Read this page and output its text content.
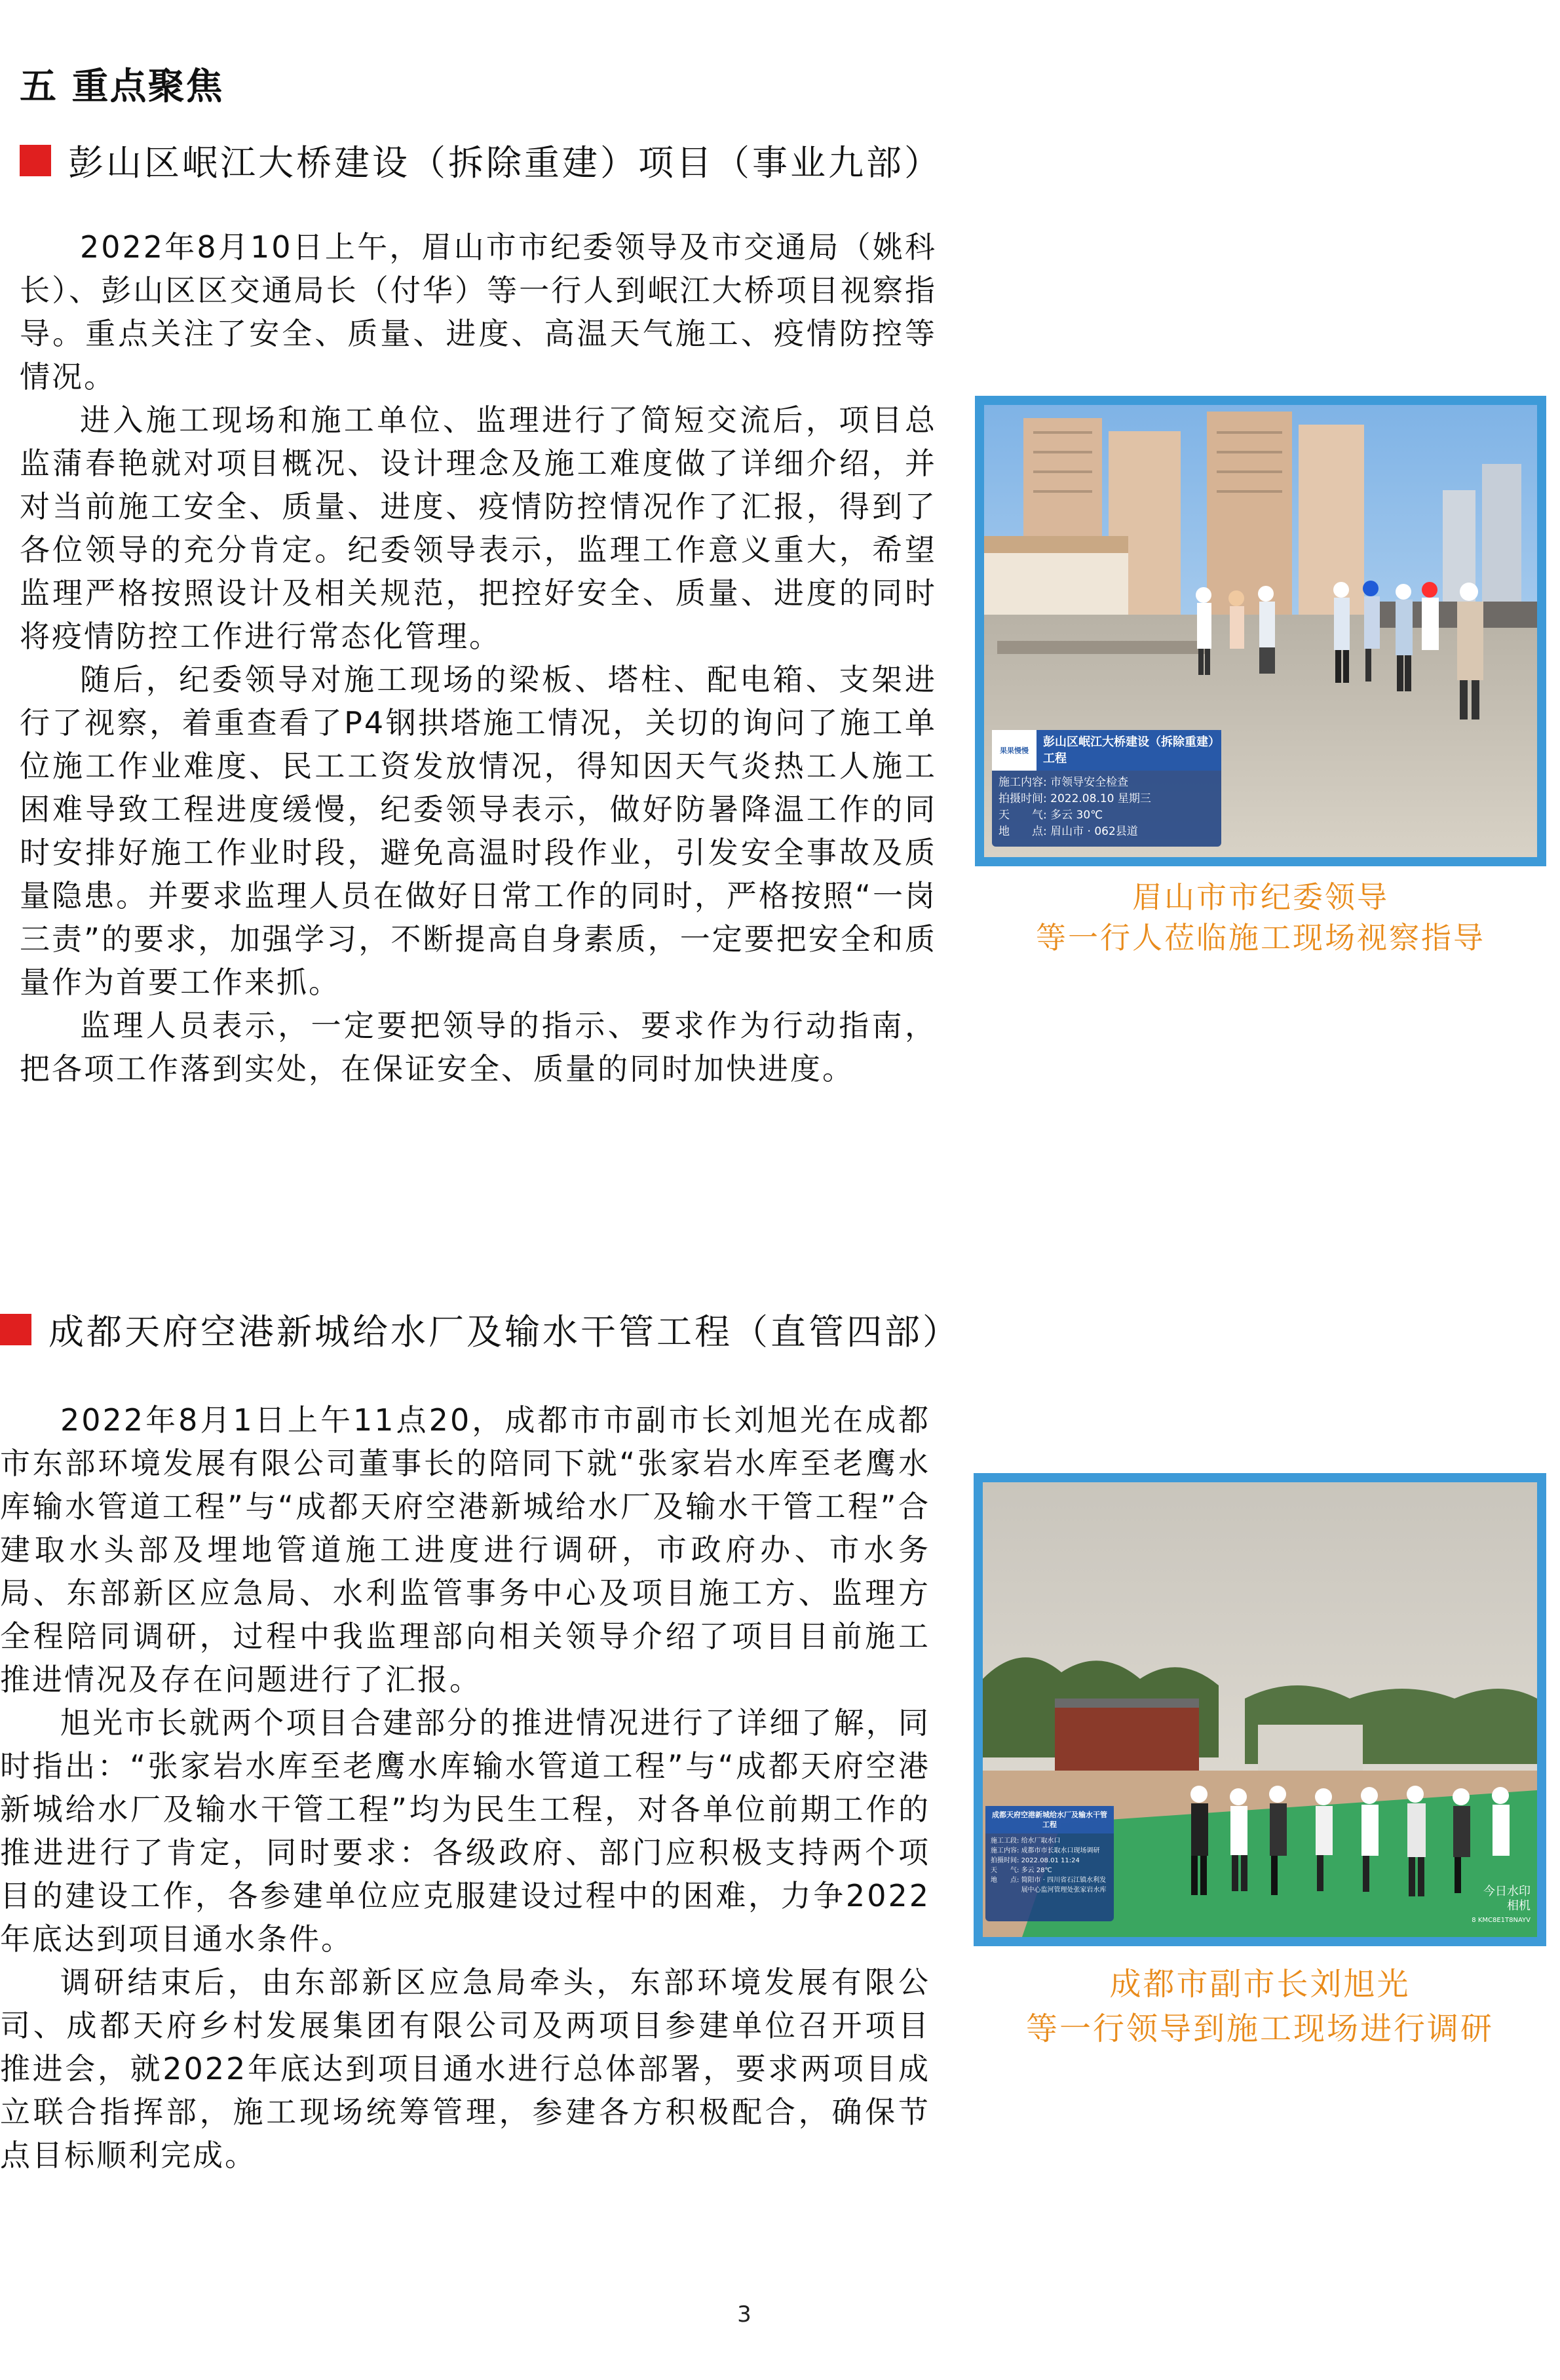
五 重点聚焦
彭山区岷江大桥建设（拆除重建）项目（事业九部）

2022年8月10日上午，眉山市市纪委领导及市交通局（姚科长）、彭山区区交通局长（付华）等一行人到岷江大桥项目视察指导。重点关注了安全、质量、进度、高温天气施工、疫情防控等情况。

进入施工现场和施工单位、监理进行了简短交流后，项目总监蒲春艳就对项目概况、设计理念及施工难度做了详细介绍，并对当前施工安全、质量、进度、疫情防控情况作了汇报，得到了各位领导的充分肯定。纪委领导表示，监理工作意义重大，希望监理严格按照设计及相关规范，把控好安全、质量、进度的同时将疫情防控工作进行常态化管理。

随后，纪委领导对施工现场的梁板、塔柱、配电箱、支架进行了视察，着重查看了P4钢拱塔施工情况，关切的询问了施工单位施工作业难度、民工工资发放情况，得知因天气炎热工人施工困难导致工程进度缓慢，纪委领导表示，做好防暑降温工作的同时安排好施工作业时段，避免高温时段作业，引发安全事故及质量隐患。并要求监理人员在做好日常工作的同时，严格按照“一岗三责”的要求，加强学习，不断提高自身素质，一定要把安全和质量作为首要工作来抓。

监理人员表示，一定要把领导的指示、要求作为行动指南，把各项工作落到实处，在保证安全、质量的同时加快进度。

果果慢慢
彭山区岷江大桥建设（拆除重建）工程
施工内容:
市领导安全检查
拍摄时间:
2022.08.10 星期三
天　　气:
多云 30℃
地　　点:
眉山市 · 062县道
眉山市市纪委领导
等一行人莅临施工现场视察指导
成都天府空港新城给水厂及输水干管工程（直管四部）

2022年8月1日上午11点20，成都市市副市长刘旭光在成都市东部环境发展有限公司董事长的陪同下就“张家岩水库至老鹰水库输水管道工程”与“成都天府空港新城给水厂及输水干管工程”合建取水头部及埋地管道施工进度进行调研，市政府办、市水务局、东部新区应急局、水利监管事务中心及项目施工方、监理方全程陪同调研，过程中我监理部向相关领导介绍了项目目前施工推进情况及存在问题进行了汇报。

旭光市长就两个项目合建部分的推进情况进行了详细了解，同时指出：“张家岩水库至老鹰水库输水管道工程”与“成都天府空港新城给水厂及输水干管工程”均为民生工程，对各单位前期工作的推进进行了肯定，同时要求：各级政府、部门应积极支持两个项目的建设工作，各参建单位应克服建设过程中的困难，力争2022年底达到项目通水条件。

调研结束后，由东部新区应急局牵头，东部环境发展有限公司、成都天府乡村发展集团有限公司及两项目参建单位召开项目推进会，就2022年底达到项目通水进行总体部署，要求两项目成立联合指挥部，施工现场统筹管理，参建各方积极配合，确保节点目标顺利完成。

成都天府空港新城给水厂及输水干管工程
施工工段:
给水厂取水口
施工内容:
成都市市长取水口现场调研
拍摄时间:
2022.08.01 11:24
天　　气:
多云 28℃
地　　点:
简阳市 · 四川省石江镇水利发展中心监河管理处张家岩水库	今日水印
相机
8 KMC8E1T8NAYV
成都市副市长刘旭光
等一行领导到施工现场进行调研
3
